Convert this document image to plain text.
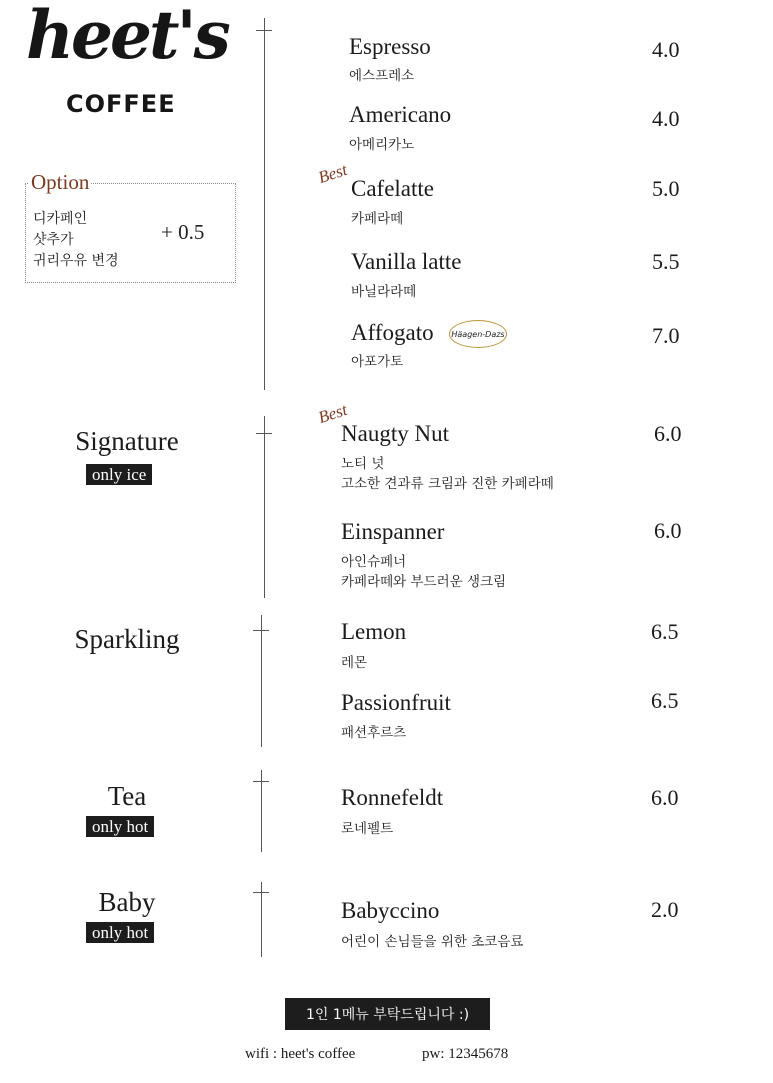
heet's
COFFEE
Option
디카페인
샷추가
귀리우유 변경
+ 0.5
Espresso
에스프레소
4.0
Americano
아메리카노
4.0
Best
Cafelatte
카페라떼
5.0
Vanilla latte
바닐라라떼
5.5
Affogato Häagen-Dazs
아포가토
7.0
Signature
only ice
Best
Naugty Nut
노티 넛
고소한 견과류 크림과 진한 카페라떼
6.0
Einspanner
아인슈페너
카페라떼와 부드러운 생크림
6.0
Sparkling	Lemon
레몬
6.5
Passionfruit
패션후르츠
6.5
Tea
only hot
Ronnefeldt
로네펠트
6.0
Baby
only hot
Babyccino
어린이 손님들을 위한 초코음료
2.0
1인 1메뉴 부탁드립니다 :)
wifi : heet's coffee	pw: 12345678
